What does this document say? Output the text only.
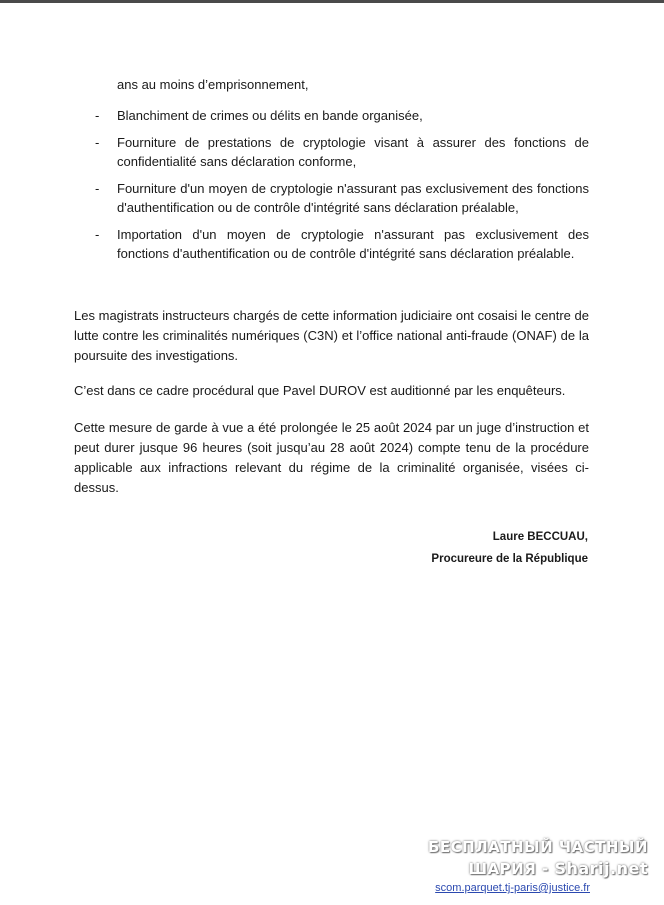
ans au moins d’emprisonnement,
- Blanchiment de crimes ou délits en bande organisée,
- Fourniture de prestations de cryptologie visant à assurer des fonctions de confidentialité sans déclaration conforme,
- Fourniture d'un moyen de cryptologie n'assurant pas exclusivement des fonctions d'authentification ou de contrôle d'intégrité sans déclaration préalable,
- Importation d'un moyen de cryptologie n'assurant pas exclusivement des fonctions d'authentification ou de contrôle d'intégrité sans déclaration préalable.

Les magistrats instructeurs chargés de cette information judiciaire ont cosaisi le centre de lutte contre les criminalités numériques (C3N) et l’office national anti-fraude (ONAF) de la poursuite des investigations.

C’est dans ce cadre procédural que Pavel DUROV est auditionné par les enquêteurs.

Cette mesure de garde à vue a été prolongée le 25 août 2024 par un juge d’instruction et peut durer jusque 96 heures (soit jusqu’au 28 août 2024) compte tenu de la procédure applicable aux infractions relevant du régime de la criminalité organisée, visées ci-dessus.

Laure BECCUAU,
Procureure de la République
БЕСПЛАТНЫЙ ЧАСТНЫЙ
ШАРИЯ - Sharij.net
scom.parquet.tj-paris@justice.fr
